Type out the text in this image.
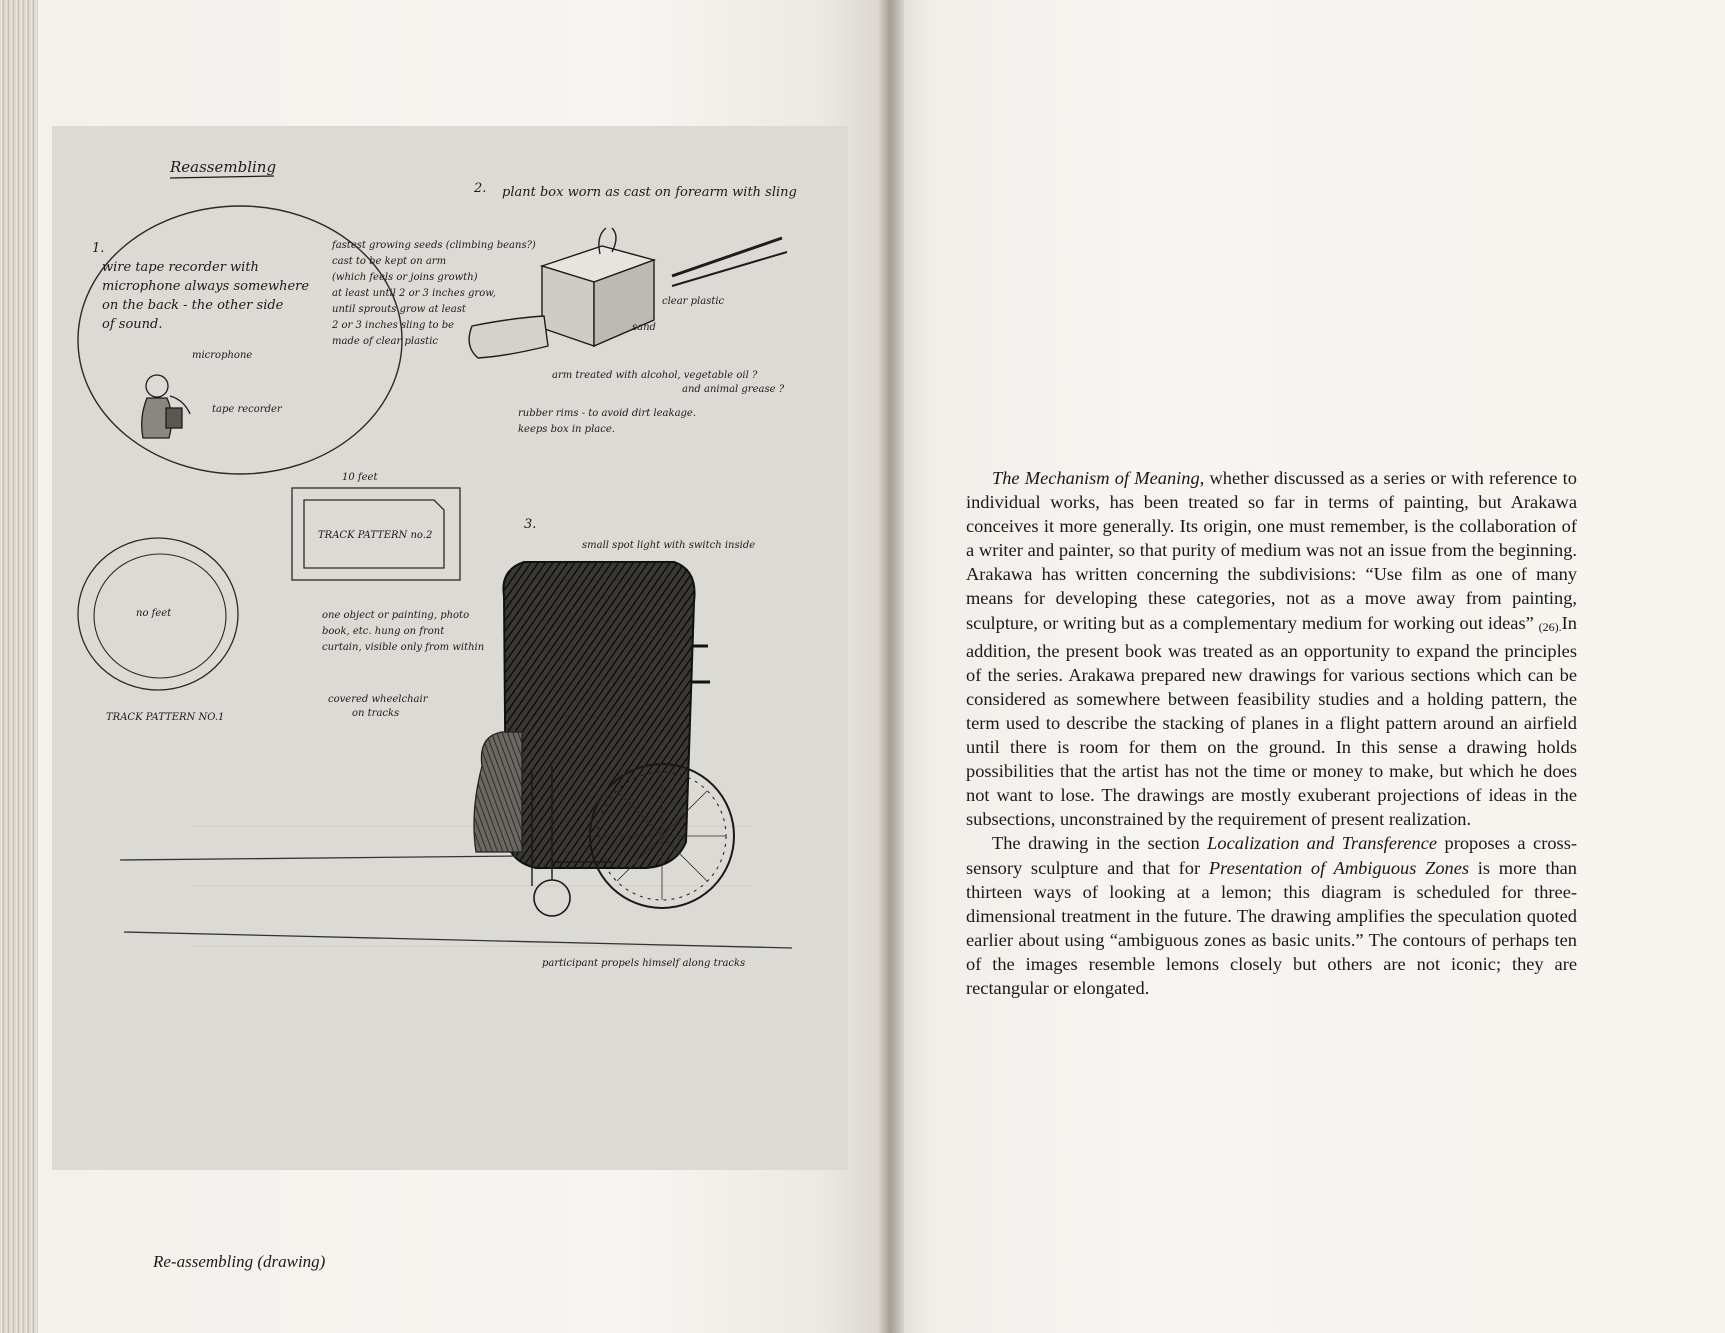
Reassembling
1.
wire tape recorder with
microphone always somewhere
on the back - the other side
of sound.
microphone
tape recorder
2. plant box worn as cast on forearm with sling
fastest growing seeds (climbing beans?)
cast to be kept on arm
(which feels or joins growth)
at least until 2 or 3 inches grow,
until sprouts grow at least
2 or 3 inches sling to be
made of clear plastic
clear plastic
sand
arm treated with alcohol, vegetable oil ?
and animal grease ?
rubber rims - to avoid dirt leakage.
keeps box in place.
10 feet
TRACK PATTERN no.2
no feet
TRACK PATTERN NO.1
3.
small spot light with switch inside
one object or painting, photo
book, etc. hung on front
curtain, visible only from within
covered wheelchair
on tracks
participant propels himself along tracks
Re-assembling (drawing)

The Mechanism of Meaning, whether discussed as a series or with reference to individual works, has been treated so far in terms of painting, but Arakawa conceives it more generally. Its origin, one must remember, is the collaboration of a writer and painter, so that purity of medium was not an issue from the beginning. Arakawa has written concerning the subdivisions: “Use film as one of many means for developing these categories, not as a move away from painting, sculpture, or writing but as a complementary medium for working out ideas” (26).In addition, the present book was treated as an opportunity to expand the principles of the series. Arakawa prepared new drawings for various sections which can be considered as somewhere between feasibility studies and a holding pattern, the term used to describe the stacking of planes in a flight pattern around an airfield until there is room for them on the ground. In this sense a drawing holds possibilities that the artist has not the time or money to make, but which he does not want to lose. The drawings are mostly exuberant projections of ideas in the subsections, unconstrained by the requirement of present realization.

The drawing in the section Localization and Transference proposes a cross-sensory sculpture and that for Presentation of Ambiguous Zones is more than thirteen ways of looking at a lemon; this diagram is scheduled for three-dimensional treatment in the future. The drawing amplifies the speculation quoted earlier about using “ambiguous zones as basic units.” The contours of perhaps ten of the images resemble lemons closely but others are not iconic; they are rectangular or elongated.
